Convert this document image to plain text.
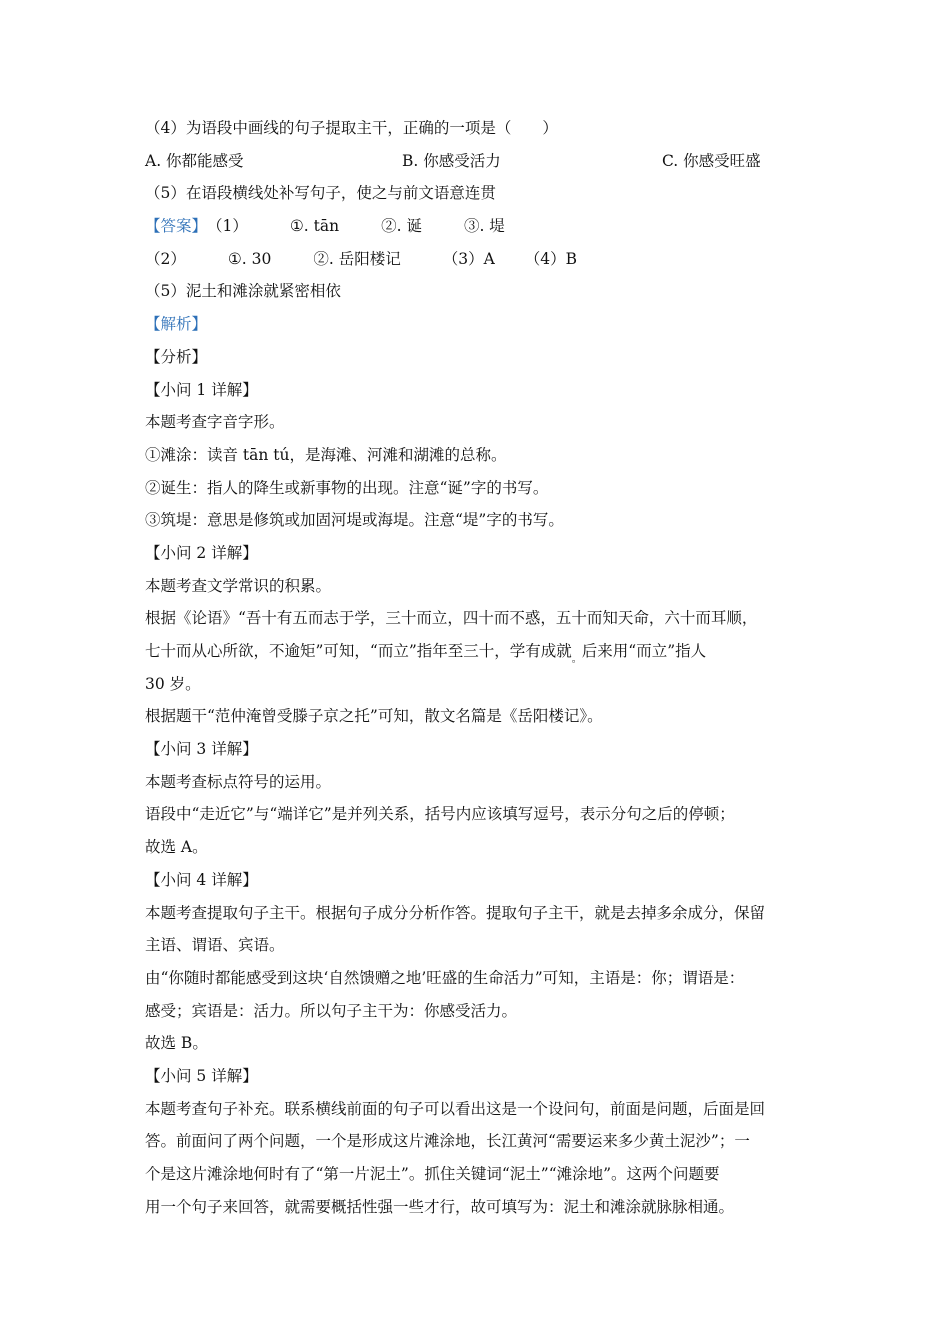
（4）为语段中画线的句子提取主干，正确的一项是（　　）
A. 你都能感受	B. 你感受活力	C. 你感受旺盛
（5）在语段横线处补写句子，使之与前文语意连贯
【答案】（1）	①. tān	②. 诞	③. 堤
（2）	①. 30	②. 岳阳楼记	（3）A （4）B
（5）泥土和滩涂就紧密相依
【解析】
【分析】
【小问 1 详解】
本题考查字音字形。
①滩涂：读音 tān tú，是海滩、河滩和湖滩的总称。
②诞生：指人的降生或新事物的出现。注意“诞”字的书写。
③筑堤：意思是修筑或加固河堤或海堤。注意“堤”字的书写。
【小问 2 详解】
本题考查文学常识的积累。
根据《论语》“吾十有五而志于学，三十而立，四十而不惑，五十而知天命，六十而耳顺，
七十而从心所欲，不逾矩”可知，“而立”指年至三十，学有成就$_。$后来用“而立”指人
30 岁。
根据题干“范仲淹曾受滕子京之托”可知，散文名篇是《岳阳楼记》。
【小问 3 详解】
本题考查标点符号的运用。
语段中“走近它”与“端详它”是并列关系，括号内应该填写逗号，表示分句之后的停顿；
故选 A。
【小问 4 详解】
本题考查提取句子主干。根据句子成分分析作答。提取句子主干，就是去掉多余成分，保留
主语、谓语、宾语。
由“你随时都能感受到这块‘自然馈赠之地’旺盛的生命活力”可知，主语是：你；谓语是：
感受；宾语是：活力。所以句子主干为：你感受活力。
故选 B。
【小问 5 详解】
本题考查句子补充。联系横线前面的句子可以看出这是一个设问句，前面是问题，后面是回
答。前面问了两个问题，一个是形成这片滩涂地，长江黄河“需要运来多少黄土泥沙”；一
个是这片滩涂地何时有了“第一片泥土”。抓住关键词“泥土”“滩涂地”。这两个问题要
用一个句子来回答，就需要概括性强一些才行，故可填写为：泥土和滩涂就脉脉相通。
